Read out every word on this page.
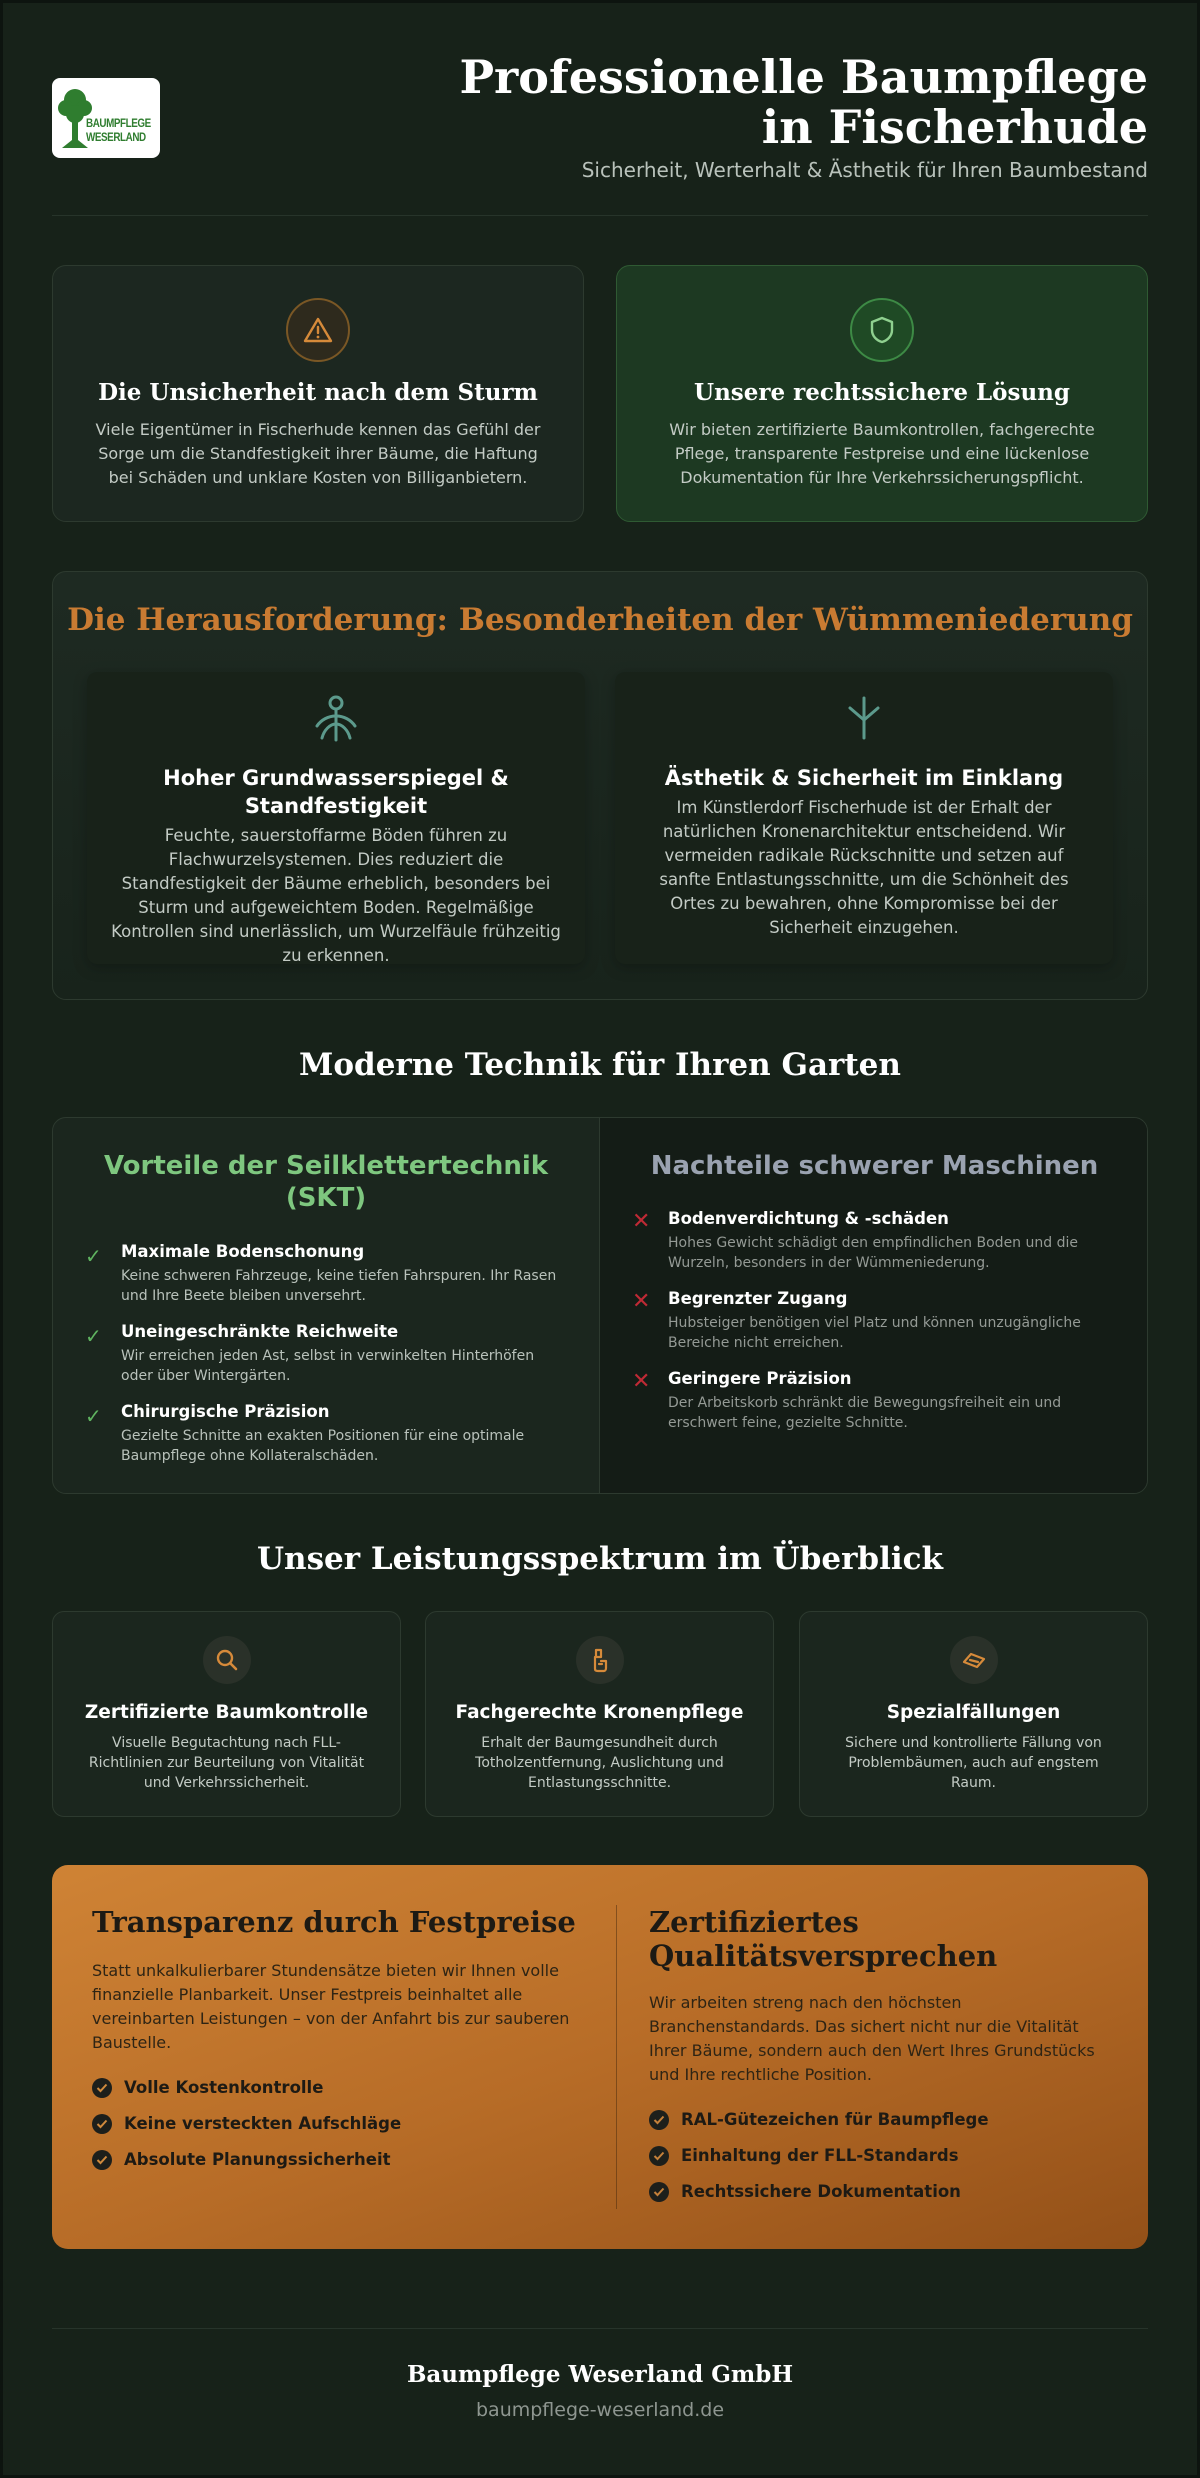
BAUMPFLEGE
WESERLAND
Professionelle Baumpflege in Fischerhude
Sicherheit, Werterhalt & Ästhetik für Ihren Baumbestand
Die Unsicherheit nach dem Sturm

Viele Eigentümer in Fischerhude kennen das Gefühl der Sorge um die Standfestigkeit ihrer Bäume, die Haftung bei Schäden und unklare Kosten von Billiganbietern.

Unsere rechtssichere Lösung

Wir bieten zertifizierte Baumkontrollen, fachgerechte Pflege, transparente Festpreise und eine lückenlose Dokumentation für Ihre Verkehrssicherungspflicht.

Die Herausforderung: Besonderheiten der Wümmeniederung
Hoher Grundwasserspiegel & Standfestigkeit

Feuchte, sauerstoffarme Böden führen zu Flachwurzelsystemen. Dies reduziert die Standfestigkeit der Bäume erheblich, besonders bei Sturm und aufgeweichtem Boden. Regelmäßige Kontrollen sind unerlässlich, um Wurzelfäule frühzeitig zu erkennen.

Ästhetik & Sicherheit im Einklang

Im Künstlerdorf Fischerhude ist der Erhalt der natürlichen Kronenarchitektur entscheidend. Wir vermeiden radikale Rückschnitte und setzen auf sanfte Entlastungsschnitte, um die Schönheit des Ortes zu bewahren, ohne Kompromisse bei der Sicherheit einzugehen.

Moderne Technik für Ihren Garten
Vorteile der Seilklettertechnik (SKT)
✓ Maximale Bodenschonung
Keine schweren Fahrzeuge, keine tiefen Fahrspuren. Ihr Rasen und Ihre Beete bleiben unversehrt.
✓ Uneingeschränkte Reichweite
Wir erreichen jeden Ast, selbst in verwinkelten Hinterhöfen oder über Wintergärten.
✓ Chirurgische Präzision
Gezielte Schnitte an exakten Positionen für eine optimale Baumpflege ohne Kollateralschäden.
Nachteile schwerer Maschinen
✕ Bodenverdichtung & -schäden
Hohes Gewicht schädigt den empfindlichen Boden und die Wurzeln, besonders in der Wümmeniederung.
✕ Begrenzter Zugang
Hubsteiger benötigen viel Platz und können unzugängliche Bereiche nicht erreichen.
✕ Geringere Präzision
Der Arbeitskorb schränkt die Bewegungsfreiheit ein und erschwert feine, gezielte Schnitte.
Unser Leistungsspektrum im Überblick
Zertifizierte Baumkontrolle

Visuelle Begutachtung nach FLL-Richtlinien zur Beurteilung von Vitalität und Verkehrssicherheit.

Fachgerechte Kronenpflege

Erhalt der Baumgesundheit durch Totholzentfernung, Auslichtung und Entlastungsschnitte.

Spezialfällungen

Sichere und kontrollierte Fällung von Problembäumen, auch auf engstem Raum.

Transparenz durch Festpreise

Statt unkalkulierbarer Stundensätze bieten wir Ihnen volle finanzielle Planbarkeit. Unser Festpreis beinhaltet alle vereinbarten Leistungen – von der Anfahrt bis zur sauberen Baustelle.

Volle Kostenkontrolle
Keine versteckten Aufschläge
Absolute Planungssicherheit
Zertifiziertes Qualitätsversprechen

Wir arbeiten streng nach den höchsten Branchenstandards. Das sichert nicht nur die Vitalität Ihrer Bäume, sondern auch den Wert Ihres Grundstücks und Ihre rechtliche Position.

RAL-Gütezeichen für Baumpflege
Einhaltung der FLL-Standards
Rechtssichere Dokumentation
Baumpflege Weserland GmbH
baumpflege-weserland.de
